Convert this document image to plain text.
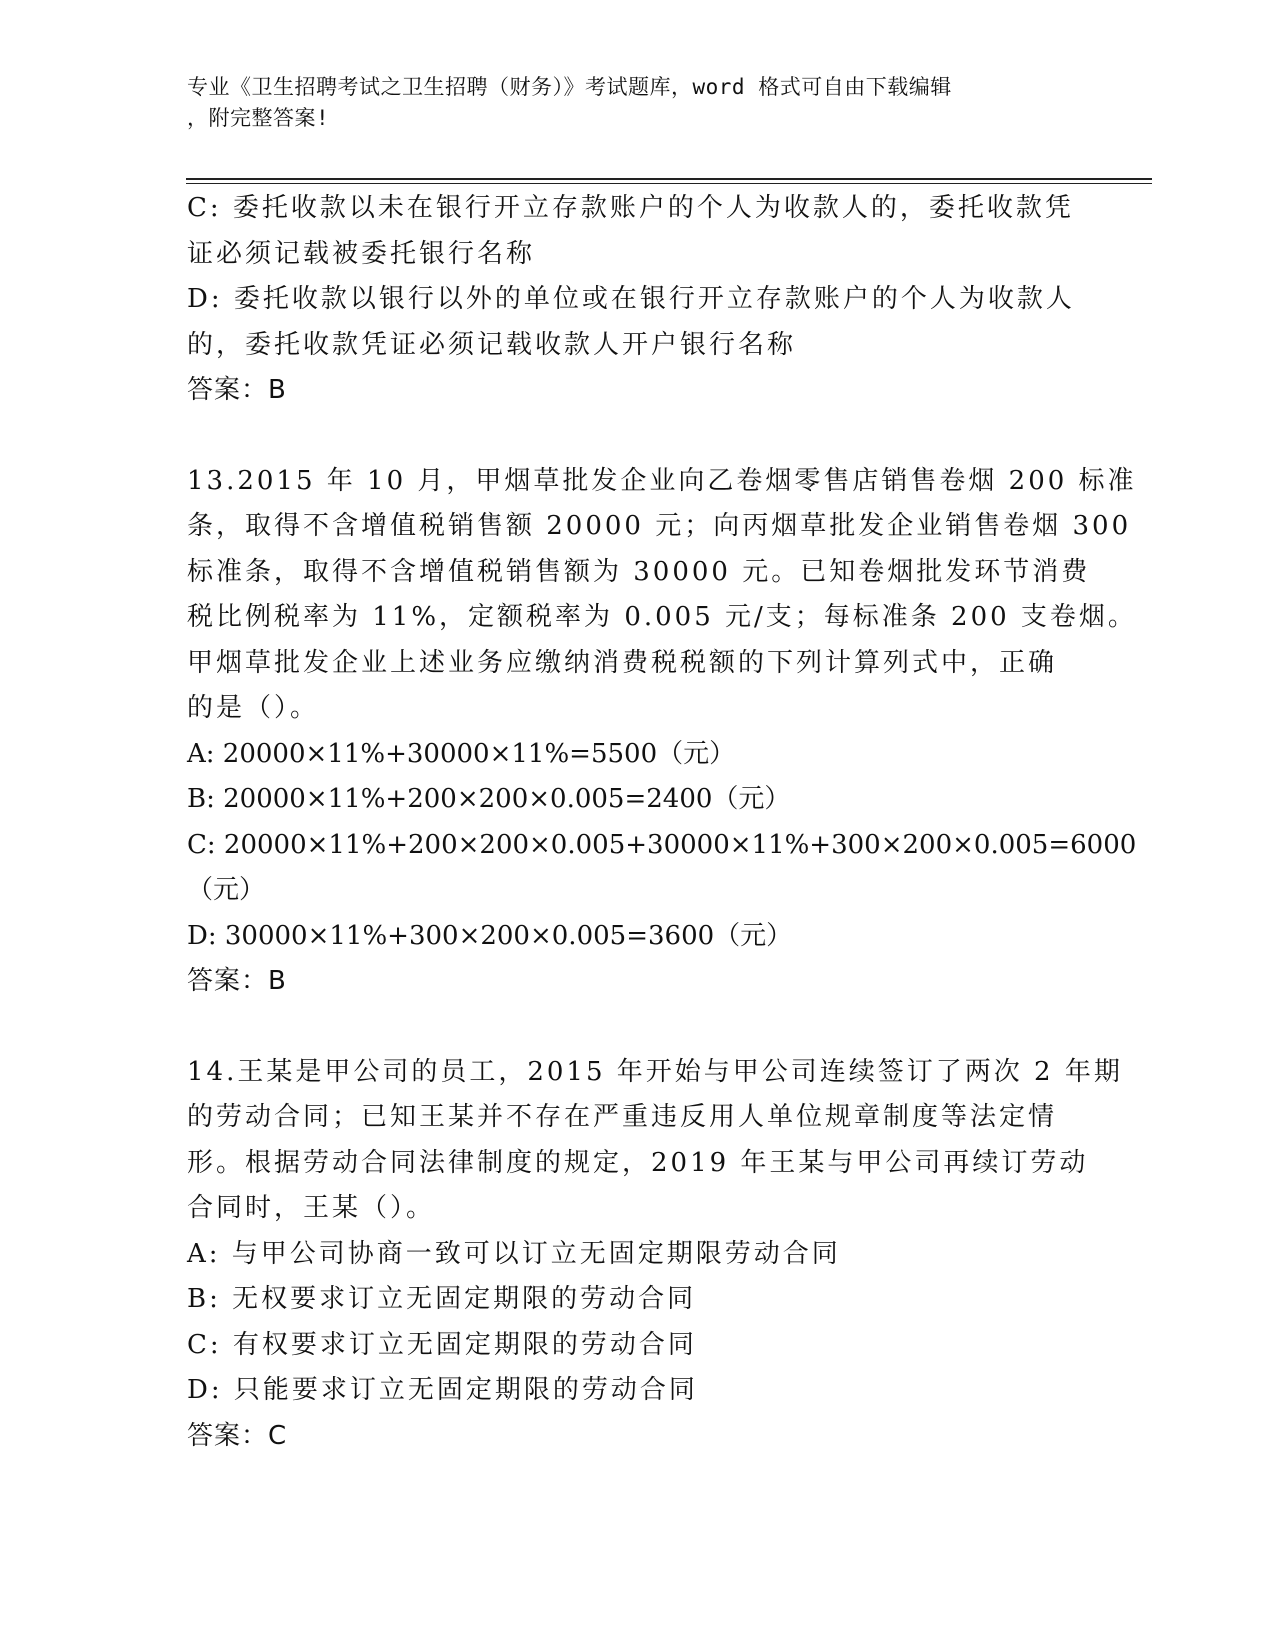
专业《卫生招聘考试之卫生招聘（财务）》考试题库，word 格式可自由下载编辑
，附完整答案!
C: 委托收款以未在银行开立存款账户的个人为收款人的，委托收款凭
证必须记载被委托银行名称
D: 委托收款以银行以外的单位或在银行开立存款账户的个人为收款人
的，委托收款凭证必须记载收款人开户银行名称
答案：B
13.2015 年 10 月，甲烟草批发企业向乙卷烟零售店销售卷烟 200 标准
条，取得不含增值税销售额 20000 元；向丙烟草批发企业销售卷烟 300
标准条，取得不含增值税销售额为 30000 元。已知卷烟批发环节消费
税比例税率为 11%，定额税率为 0.005 元/支；每标准条 200 支卷烟。
甲烟草批发企业上述业务应缴纳消费税税额的下列计算列式中，正确
的是（）。
A: 20000×11%+30000×11%=5500（元）
B: 20000×11%+200×200×0.005=2400（元）
C: 20000×11%+200×200×0.005+30000×11%+300×200×0.005=6000
（元）
D: 30000×11%+300×200×0.005=3600（元）
答案：B
14.王某是甲公司的员工，2015 年开始与甲公司连续签订了两次 2 年期
的劳动合同；已知王某并不存在严重违反用人单位规章制度等法定情
形。根据劳动合同法律制度的规定，2019 年王某与甲公司再续订劳动
合同时，王某（）。
A: 与甲公司协商一致可以订立无固定期限劳动合同
B: 无权要求订立无固定期限的劳动合同
C: 有权要求订立无固定期限的劳动合同
D: 只能要求订立无固定期限的劳动合同
答案：C
